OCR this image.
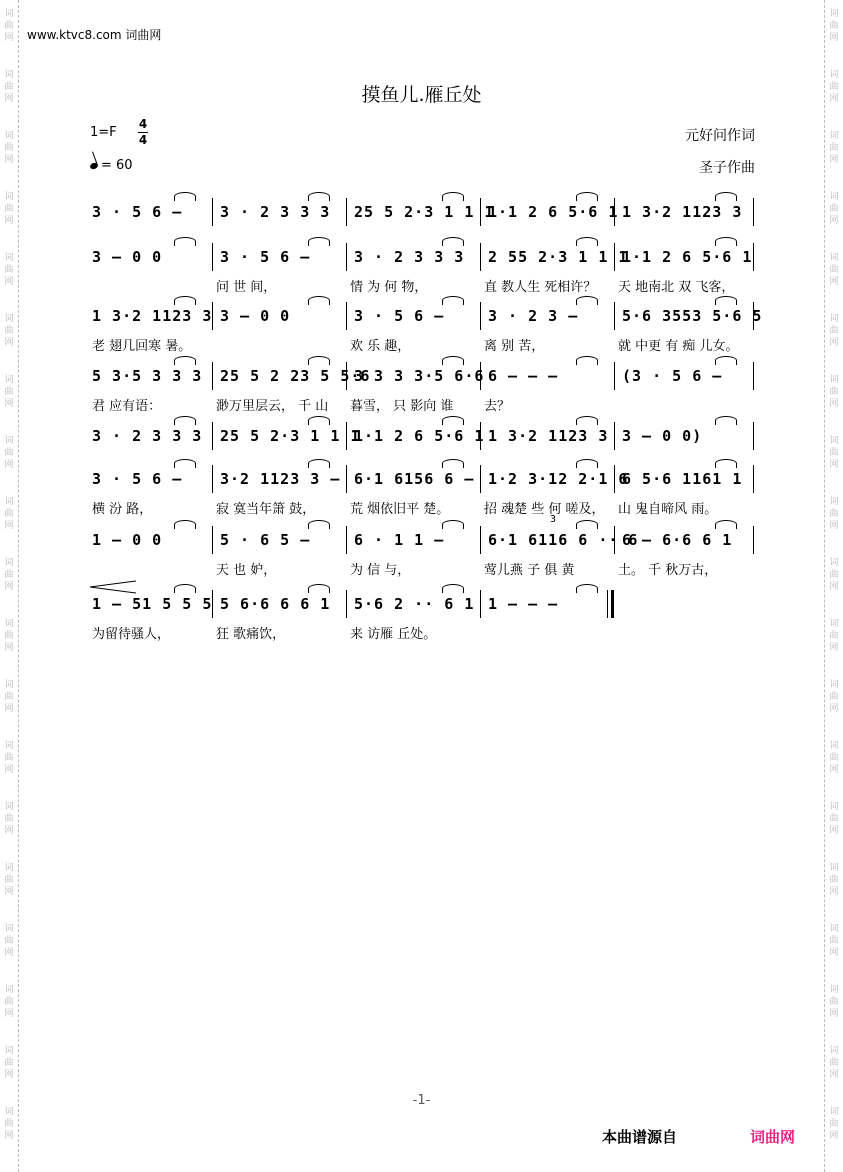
词
曲
网
词
曲
网
词
曲
网
词
曲
网
词
曲
网
词
曲
网
词
曲
网
词
曲
网
词
曲
网
词
曲
网
词
曲
网
词
曲
网
词
曲
网
词
曲
网
词
曲
网
词
曲
网
词
曲
网
词
曲
网
词
曲
网
词
曲
网
词
曲
网
词
曲
网
词
曲
网
词
曲
网
词
曲
网
词
曲
网
词
曲
网
词
曲
网
词
曲
网
词
曲
网
词
曲
网
词
曲
网
词
曲
网
词
曲
网
词
曲
网
词
曲
网
词
曲
网
词
曲
网
www.ktvc8.com 词曲网
摸鱼儿.雁丘处
1=F
4
4
= 60
元好问作词
圣子作曲
3 · 5 6 –	3 · 2 3 3 3	25 5 2·3 1 1 1
1·1 2 6 5·6 1 1 3·2 1123 3
3 – 0 0	3 · 5 6 –	3 · 2 3 3 3	2 55 2·3 1 1 1
1·1 2 6 5·6 1
问 世 间，	情 为 何 物，	直 教人生 死相许？ 天 地南北 双 飞客，
1 3·2 1123 3 3 – 0 0	3 · 5 6 –	3 · 2 3 –	5·6 3553 5·6 5
老 翅几回寒 暑。	欢 乐 趣，	离 别 苦，	就 中更 有 痴 儿女。
5 3·5 3 3 3	25 5 2 23 5 5·6
3 3 3 3·5 6·6 6 – – –	(3 · 5 6 –
君 应有语：	渺万里层云， 千 山 暮雪， 只 影向 谁 去？
3 · 2 3 3 3	25 5 2·3 1 1 1
1·1 2 6 5·6 1 1 3·2 1123 3 3 – 0 0)
3 · 5 6 –	3·2 1123 3 – 6·1 6156 6 – 1·2 3·12 2·1 6
6 5·6 1161 1
横 汾 路，	寂 寞当年箫 鼓，	荒 烟依旧平 楚。	招 魂楚 些 何 嗟及， 山 鬼自啼风 雨。
1 – 0 0	5 · 6 5 –	6 · 1 1 –	6·1 6116 6 ·· 6
6 – 6·6 6 1
3
天 也 妒，	为 信 与，	莺儿燕 子 俱 黄	土。 千 秋万古，
1 – 51 5 5 5 5 6·6 6 6 1	5·6 2 ·· 6 1 1 – – –
为留待骚人，	狂 歌痛饮，	来 访雁 丘处。
-1-
本曲谱源自	词曲网
